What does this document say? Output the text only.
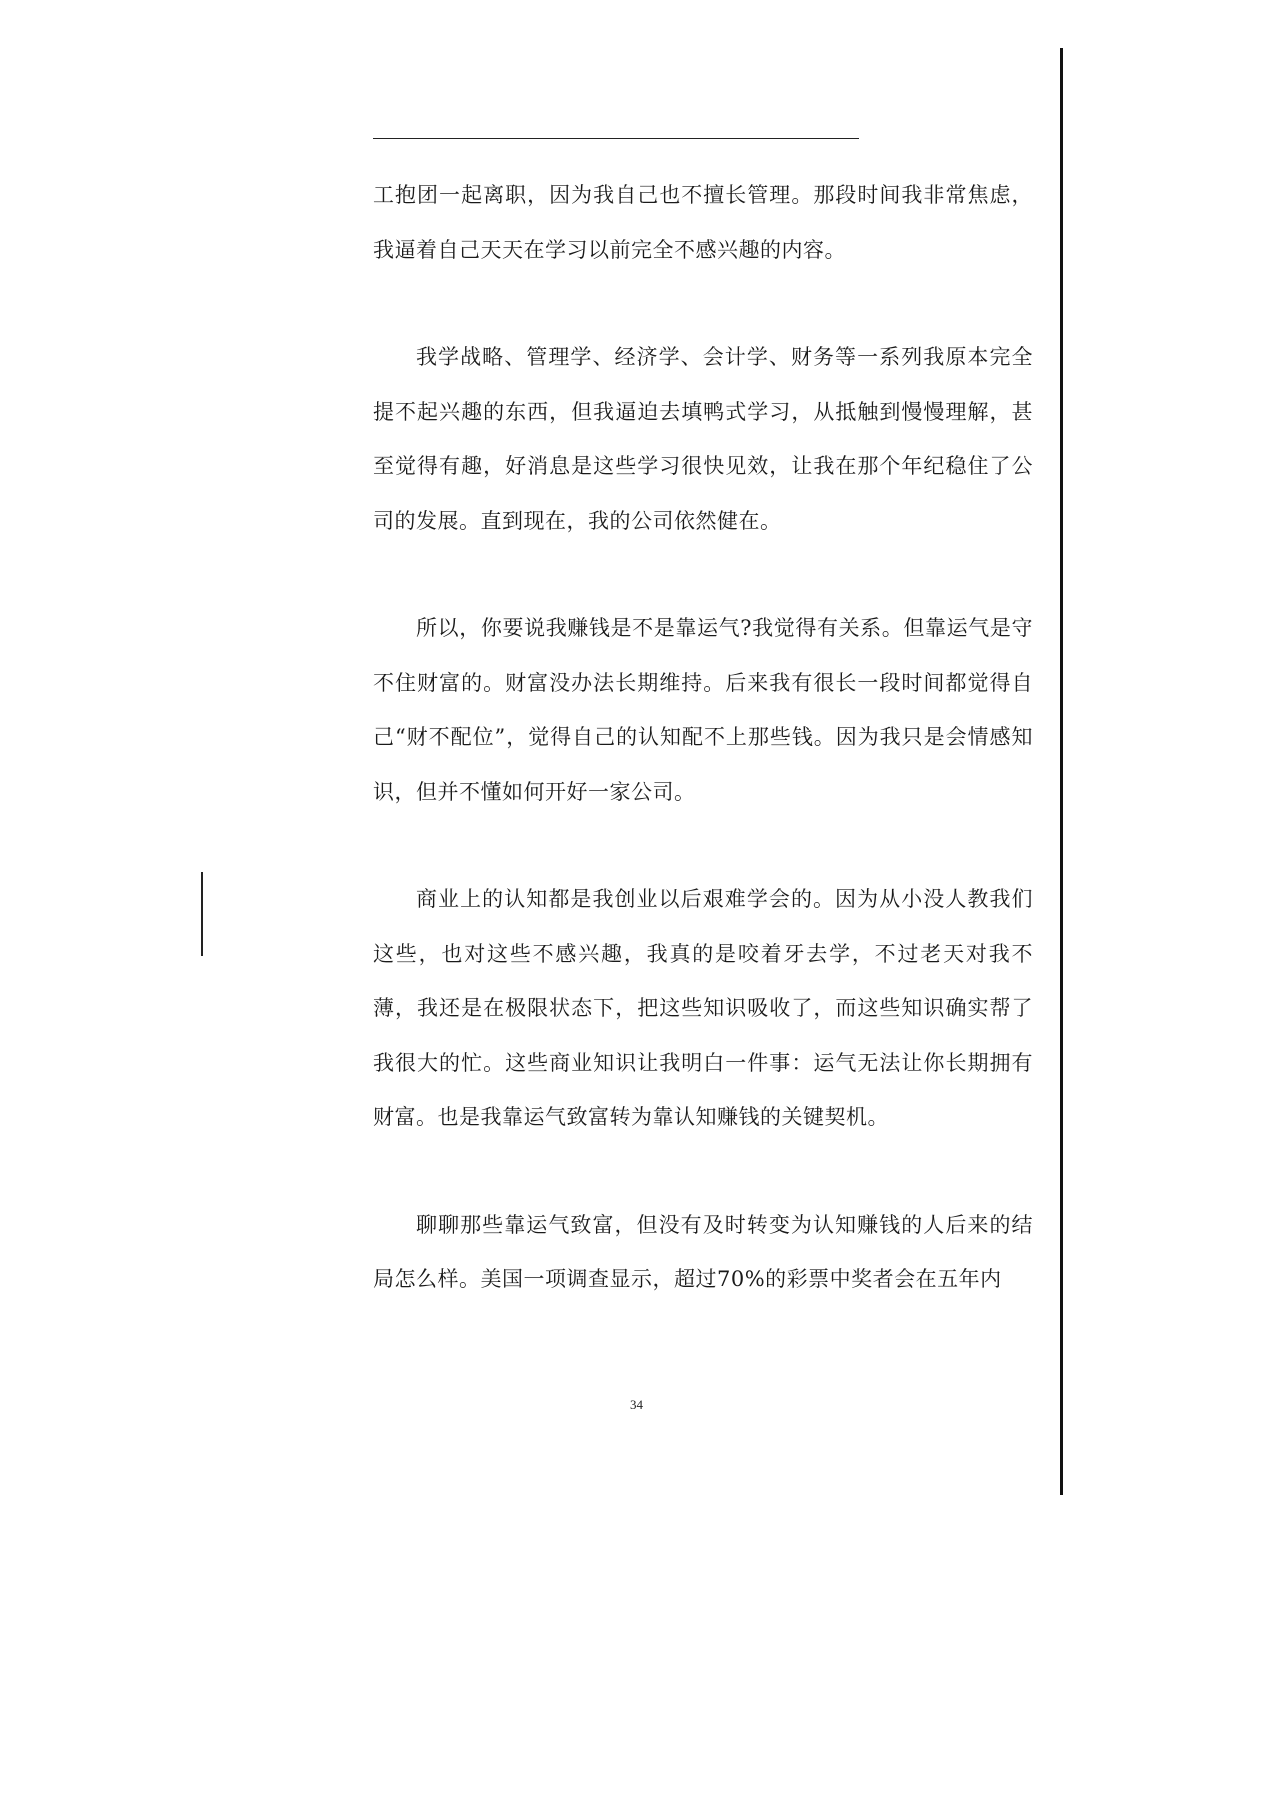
工抱团一起离职，因为我自己也不擅长管理。那段时间我非常焦虑，我逼着自己天天在学习以前完全不感兴趣的内容。

我学战略、管理学、经济学、会计学、财务等一系列我原本完全提不起兴趣的东西，但我逼迫去填鸭式学习，从抵触到慢慢理解，甚至觉得有趣，好消息是这些学习很快见效，让我在那个年纪稳住了公司的发展。直到现在，我的公司依然健在。

所以，你要说我赚钱是不是靠运气?我觉得有关系。但靠运气是守不住财富的。财富没办法长期维持。后来我有很长一段时间都觉得自己“财不配位”，觉得自己的认知配不上那些钱。因为我只是会情感知识，但并不懂如何开好一家公司。

商业上的认知都是我创业以后艰难学会的。因为从小没人教我们这些，也对这些不感兴趣，我真的是咬着牙去学，不过老天对我不薄，我还是在极限状态下，把这些知识吸收了，而这些知识确实帮了我很大的忙。这些商业知识让我明白一件事：运气无法让你长期拥有财富。也是我靠运气致富转为靠认知赚钱的关键契机。

聊聊那些靠运气致富，但没有及时转变为认知赚钱的人后来的结局怎么样。美国一项调查显示，超过70%的彩票中奖者会在五年内

34
